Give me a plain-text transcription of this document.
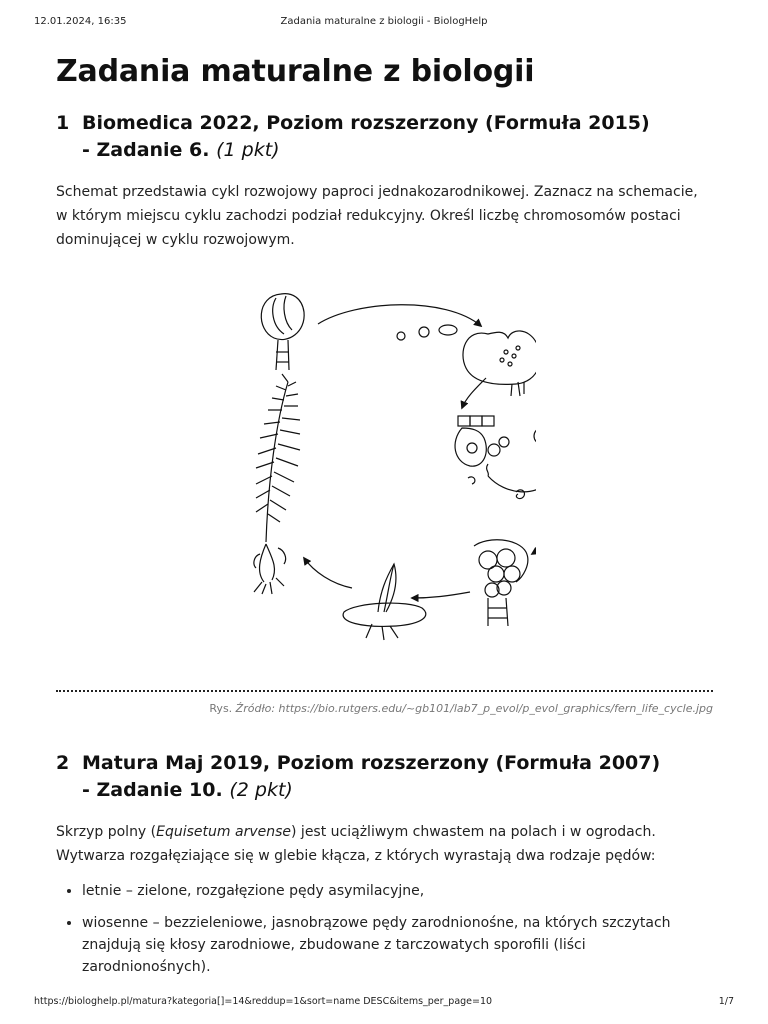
12.01.2024, 16:35	Zadania maturalne z biologii - BiologHelp
Zadania maturalne z biologii
1 Biomedica 2022, Poziom rozszerzony (Formuła 2015)
- Zadanie 6. (1 pkt)

Schemat przedstawia cykl rozwojowy paproci jednakozarodnikowej. Zaznacz na schemacie, w którym miejscu cyklu zachodzi podział redukcyjny. Określ liczbę chromosomów postaci dominującej w cyklu rozwojowym.

Rys. Źródło: https://bio.rutgers.edu/~gb101/lab7_p_evol/p_evol_graphics/fern_life_cycle.jpg
2 Matura Maj 2019, Poziom rozszerzony (Formuła 2007)
- Zadanie 10. (2 pkt)

Skrzyp polny (Equisetum arvense) jest uciążliwym chwastem na polach i w ogrodach. Wytwarza rozgałęziające się w glebie kłącza, z których wyrastają dwa rodzaje pędów:

• letnie – zielone, rozgałęzione pędy asymilacyjne,
• wiosenne – bezzieleniowe, jasnobrązowe pędy zarodnionośne, na których szczytach znajdują się kłosy zarodniowe, zbudowane z tarczowatych sporofili (liści zarodnionośnych).
https://biologhelp.pl/matura?kategoria[]=14&reddup=1&sort=name DESC&items_per_page=10	1/7
